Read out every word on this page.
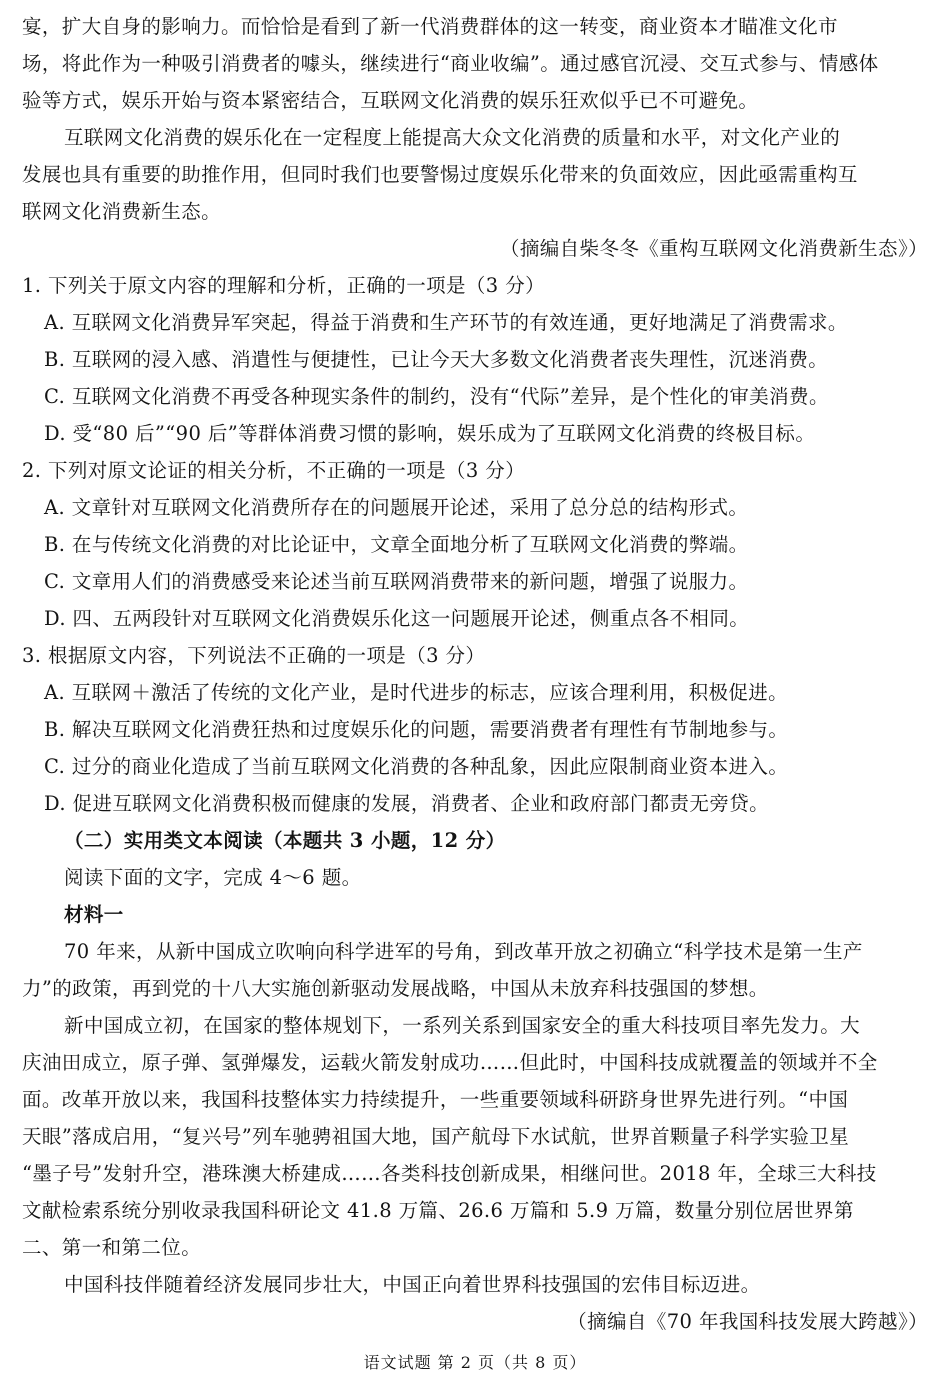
宴，扩大自身的影响力。而恰恰是看到了新一代消费群体的这一转变，商业资本才瞄准文化市
场，将此作为一种吸引消费者的噱头，继续进行“商业收编”。通过感官沉浸、交互式参与、情感体
验等方式，娱乐开始与资本紧密结合，互联网文化消费的娱乐狂欢似乎已不可避免。
互联网文化消费的娱乐化在一定程度上能提高大众文化消费的质量和水平，对文化产业的
发展也具有重要的助推作用，但同时我们也要警惕过度娱乐化带来的负面效应，因此亟需重构互
联网文化消费新生态。
（摘编自柴冬冬《重构互联网文化消费新生态》）
1. 下列关于原文内容的理解和分析，正确的一项是（3 分）
A. 互联网文化消费异军突起，得益于消费和生产环节的有效连通，更好地满足了消费需求。
B. 互联网的浸入感、消遣性与便捷性，已让今天大多数文化消费者丧失理性，沉迷消费。
C. 互联网文化消费不再受各种现实条件的制约，没有“代际”差异，是个性化的审美消费。
D. 受“80 后”“90 后”等群体消费习惯的影响，娱乐成为了互联网文化消费的终极目标。
2. 下列对原文论证的相关分析，不正确的一项是（3 分）
A. 文章针对互联网文化消费所存在的问题展开论述，采用了总分总的结构形式。
B. 在与传统文化消费的对比论证中，文章全面地分析了互联网文化消费的弊端。
C. 文章用人们的消费感受来论述当前互联网消费带来的新问题，增强了说服力。
D. 四、五两段针对互联网文化消费娱乐化这一问题展开论述，侧重点各不相同。
3. 根据原文内容，下列说法不正确的一项是（3 分）
A. 互联网＋激活了传统的文化产业，是时代进步的标志，应该合理利用，积极促进。
B. 解决互联网文化消费狂热和过度娱乐化的问题，需要消费者有理性有节制地参与。
C. 过分的商业化造成了当前互联网文化消费的各种乱象，因此应限制商业资本进入。
D. 促进互联网文化消费积极而健康的发展，消费者、企业和政府部门都责无旁贷。
（二）实用类文本阅读（本题共 3 小题，12 分）
阅读下面的文字，完成 4～6 题。
材料一
70 年来，从新中国成立吹响向科学进军的号角，到改革开放之初确立“科学技术是第一生产
力”的政策，再到党的十八大实施创新驱动发展战略，中国从未放弃科技强国的梦想。
新中国成立初，在国家的整体规划下，一系列关系到国家安全的重大科技项目率先发力。大
庆油田成立，原子弹、氢弹爆发，运载火箭发射成功……但此时，中国科技成就覆盖的领域并不全
面。改革开放以来，我国科技整体实力持续提升，一些重要领域科研跻身世界先进行列。“中国
天眼”落成启用，“复兴号”列车驰骋祖国大地，国产航母下水试航，世界首颗量子科学实验卫星
“墨子号”发射升空，港珠澳大桥建成……各类科技创新成果，相继问世。2018 年，全球三大科技
文献检索系统分别收录我国科研论文 41.8 万篇、26.6 万篇和 5.9 万篇，数量分别位居世界第
二、第一和第二位。
中国科技伴随着经济发展同步壮大，中国正向着世界科技强国的宏伟目标迈进。
（摘编自《70 年我国科技发展大跨越》）
语文试题 第 2 页（共 8 页）
